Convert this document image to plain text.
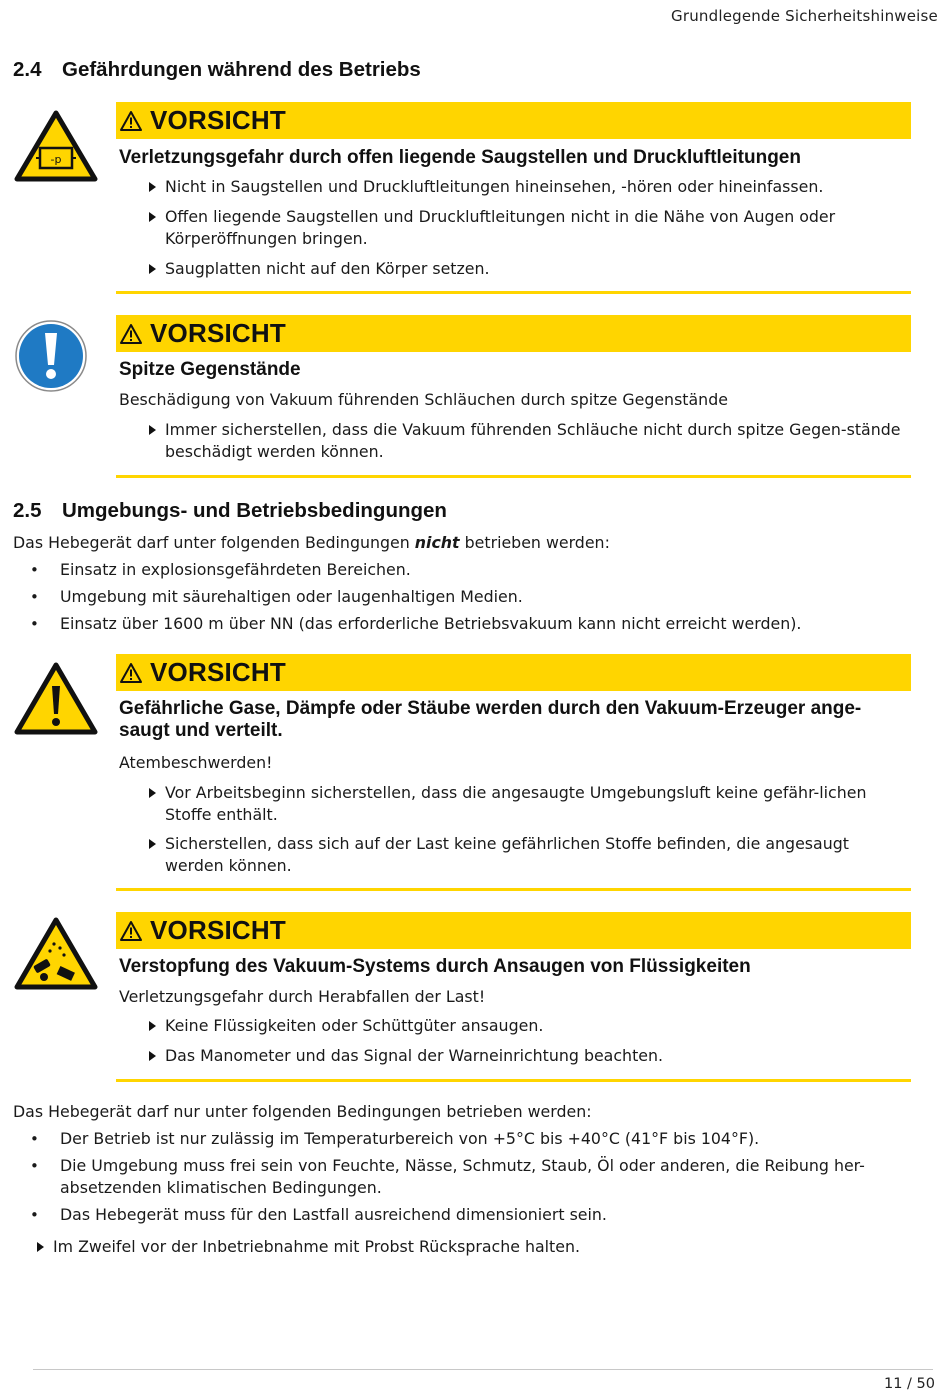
Grundlegende Sicherheitshinweise
2.4 Gefährdungen während des Betriebs
-p
VORSICHT
Verletzungsgefahr durch offen liegende Saugstellen und Druckluftleitungen
Nicht in Saugstellen und Druckluftleitungen hineinsehen, -hören oder hineinfassen.
Offen liegende Saugstellen und Druckluftleitungen nicht in die Nähe von Augen oder Körperöffnungen bringen.
Saugplatten nicht auf den Körper setzen.
VORSICHT
Spitze Gegenstände
Beschädigung von Vakuum führenden Schläuchen durch spitze Gegenstände
Immer sicherstellen, dass die Vakuum führenden Schläuche nicht durch spitze Gegen-stände beschädigt werden können.
2.5 Umgebungs- und Betriebsbedingungen
Das Hebegerät darf unter folgenden Bedingungen nicht betrieben werden:
• Einsatz in explosionsgefährdeten Bereichen.
• Umgebung mit säurehaltigen oder laugenhaltigen Medien.
• Einsatz über 1600 m über NN (das erforderliche Betriebsvakuum kann nicht erreicht werden).
VORSICHT
Gefährliche Gase, Dämpfe oder Stäube werden durch den Vakuum-Erzeuger ange-saugt und verteilt.
Atembeschwerden!
Vor Arbeitsbeginn sicherstellen, dass die angesaugte Umgebungsluft keine gefähr-lichen Stoffe enthält.
Sicherstellen, dass sich auf der Last keine gefährlichen Stoffe befinden, die angesaugt werden können.
VORSICHT
Verstopfung des Vakuum-Systems durch Ansaugen von Flüssigkeiten
Verletzungsgefahr durch Herabfallen der Last!
Keine Flüssigkeiten oder Schüttgüter ansaugen.
Das Manometer und das Signal der Warneinrichtung beachten.
Das Hebegerät darf nur unter folgenden Bedingungen betrieben werden:
• Der Betrieb ist nur zulässig im Temperaturbereich von +5°C bis +40°C (41°F bis 104°F).
• Die Umgebung muss frei sein von Feuchte, Nässe, Schmutz, Staub, Öl oder anderen, die Reibung her-absetzenden klimatischen Bedingungen.
• Das Hebegerät muss für den Lastfall ausreichend dimensioniert sein.
Im Zweifel vor der Inbetriebnahme mit Probst Rücksprache halten.
11 / 50
